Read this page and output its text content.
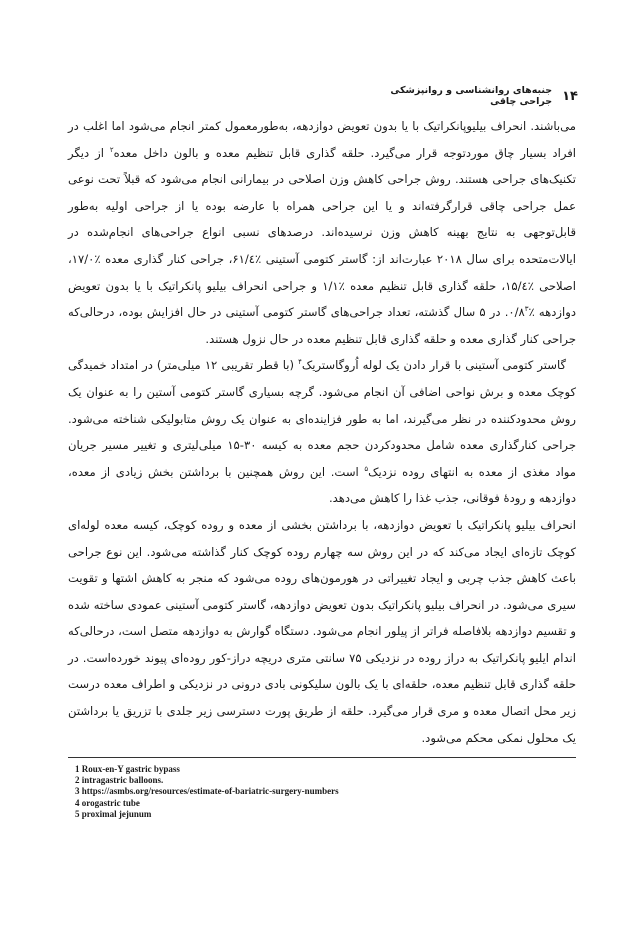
۱۴
جنبه‌های روانشناسی و روانپزشکی جراحی چاقی

می‌باشند. انحراف بیلیوپانکراتیک با یا بدون تعویض دوازدهه، به‌طورمعمول کمتر انجام می‌شود اما اغلب در افراد بسیار چاق موردتوجه قرار می‌گیرد. حلقه گذاری قابل تنظیم معده و بالون داخل معده$^۲$ از دیگر تکنیک‌های جراحی هستند. روش جراحی کاهش وزن اصلاحی در بیمارانی انجام می‌شود که قبلاً تحت نوعی عمل جراحی چاقی قرارگرفته‌اند و یا این جراحی همراه با عارضه بوده یا از جراحی اولیه به‌طور قابل‌توجهی به نتایج بهینه کاهش وزن نرسیده‌اند. درصدهای نسبی انواع جراحی‌های انجام‌شده در ایالات‌متحده برای سال ۲۰۱۸ عبارت‌اند از: گاستر کتومی آستینی ٪۶۱/٤، جراحی کنار گذاری معده ٪۱۷/۰، اصلاحی ٪۱۵/٤، حلقه گذاری قابل تنظیم معده ٪۱/۱ و جراحی انحراف بیلیو پانکراتیک با یا بدون تعویض دوازدهه $٪۰/۸^۳$. در ۵ سال گذشته، تعداد جراحی‌های گاستر کتومی آستینی در حال افزایش بوده، درحالی‌که جراحی کنار گذاری معده و حلقه گذاری قابل تنظیم معده در حال نزول هستند.

گاستر کتومی آستینی با قرار دادن یک لوله اُروگاستریک$^۴$ (با قطر تقریبی ۱۲ میلی‌متر) در امتداد خمیدگی کوچک معده و برش نواحی اضافی آن انجام می‌شود. گرچه بسیاری گاستر کتومی آستین را به عنوان یک روش محدودکننده در نظر می‌گیرند، اما به طور فزاینده‌ای به عنوان یک روش متابولیکی شناخته می‌شود. جراحی کنارگذاری معده شامل محدودکردن حجم معده به کیسه ۳۰-۱۵ میلی‌لیتری و تغییر مسیر جریان مواد مغذی از معده به انتهای روده نزدیک$^۵$ است. این روش همچنین با برداشتن بخش زیادی از معده، دوازدهه و رودهٔ فوقانی، جذب غذا را کاهش می‌دهد.

انحراف بیلیو پانکراتیک با تعویض دوازدهه، با برداشتن بخشی از معده و روده کوچک، کیسه معده لوله‌ای کوچک تازه‌ای ایجاد می‌کند که در این روش سه چهارم روده کوچک کنار گذاشته می‌شود. این نوع جراحی باعث کاهش جذب چربی و ایجاد تغییراتی در هورمون‌های روده می‌شود که منجر به کاهش اشتها و تقویت سیری می‌شود. در انحراف بیلیو پانکراتیک بدون تعویض دوازدهه، گاستر کتومی آستینی عمودی ساخته شده و تقسیم دوازدهه بلافاصله فراتر از پیلور انجام می‌شود. دستگاه گوارش به دوازدهه متصل است، درحالی‌که اندام ایلیو پانکراتیک به دراز روده در نزدیکی ۷۵ سانتی متری دریچه دراز-کور روده‌ای پیوند خورده‌است. در حلقه گذاری قابل تنظیم معده، حلقه‌ای با یک بالون سلیکونی بادی درونی در نزدیکی و اطراف معده درست زیر محل اتصال معده و مری قرار می‌گیرد. حلقه از طریق پورت دسترسی زیر جلدی با تزریق یا برداشتن یک محلول نمکی محکم می‌شود.

1 Roux-en-Y gastric bypass
2 intragastric balloons.
3 https://asmbs.org/resources/estimate-of-bariatric-surgery-numbers
4 orogastric tube
5 proximal jejunum
